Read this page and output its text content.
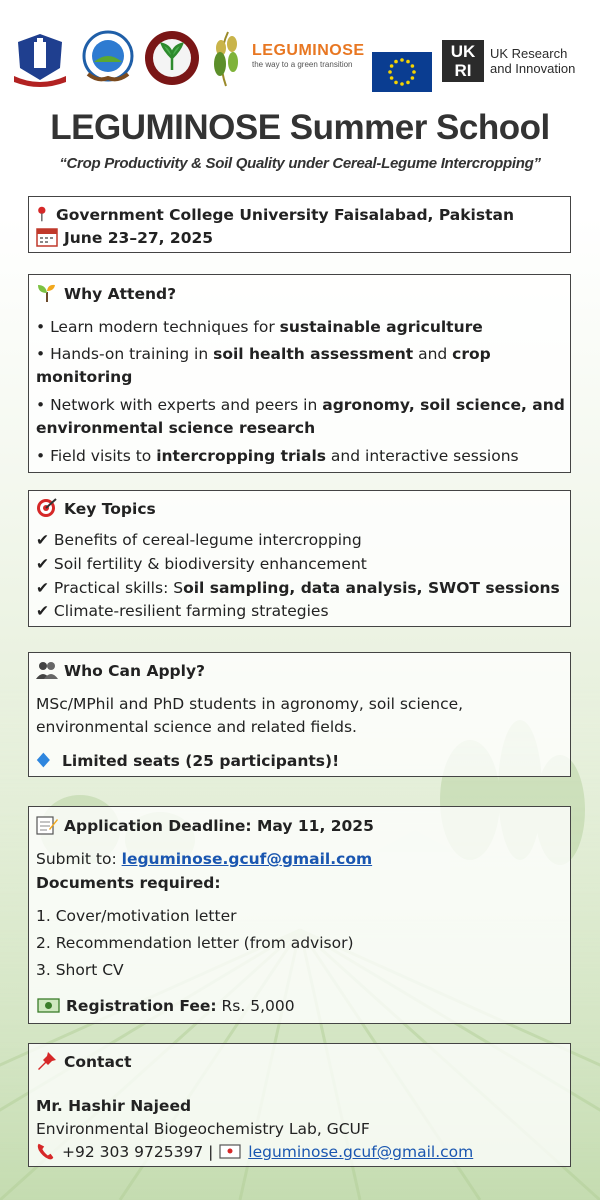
LEGUMINOSE
the way to a green transition
UK
RI
UK Research
and Innovation
LEGUMINOSE Summer School
“Crop Productivity & Soil Quality under Cereal-Legume Intercropping”
Government College University Faisalabad, Pakistan
June 23–27, 2025
Why Attend?
• Learn modern techniques for sustainable agriculture
• Hands-on training in soil health assessment and crop
monitoring
• Network with experts and peers in agronomy, soil science, and
environmental science research
• Field visits to intercropping trials and interactive sessions
Key Topics
✔ Benefits of cereal-legume intercropping
✔ Soil fertility & biodiversity enhancement
✔ Practical skills: Soil sampling, data analysis, SWOT sessions
✔ Climate-resilient farming strategies
Who Can Apply?
MSc/MPhil and PhD students in agronomy, soil science,
environmental science and related fields.
Limited seats (25 participants)!
Application Deadline: May 11, 2025
Submit to: leguminose.gcuf@gmail.com
Documents required:
1. Cover/motivation letter
2. Recommendation letter (from advisor)
3. Short CV
Registration Fee: Rs. 5,000
Contact
Mr. Hashir Najeed
Environmental Biogeochemistry Lab, GCUF
+92 303 9725397 | leguminose.gcuf@gmail.com
